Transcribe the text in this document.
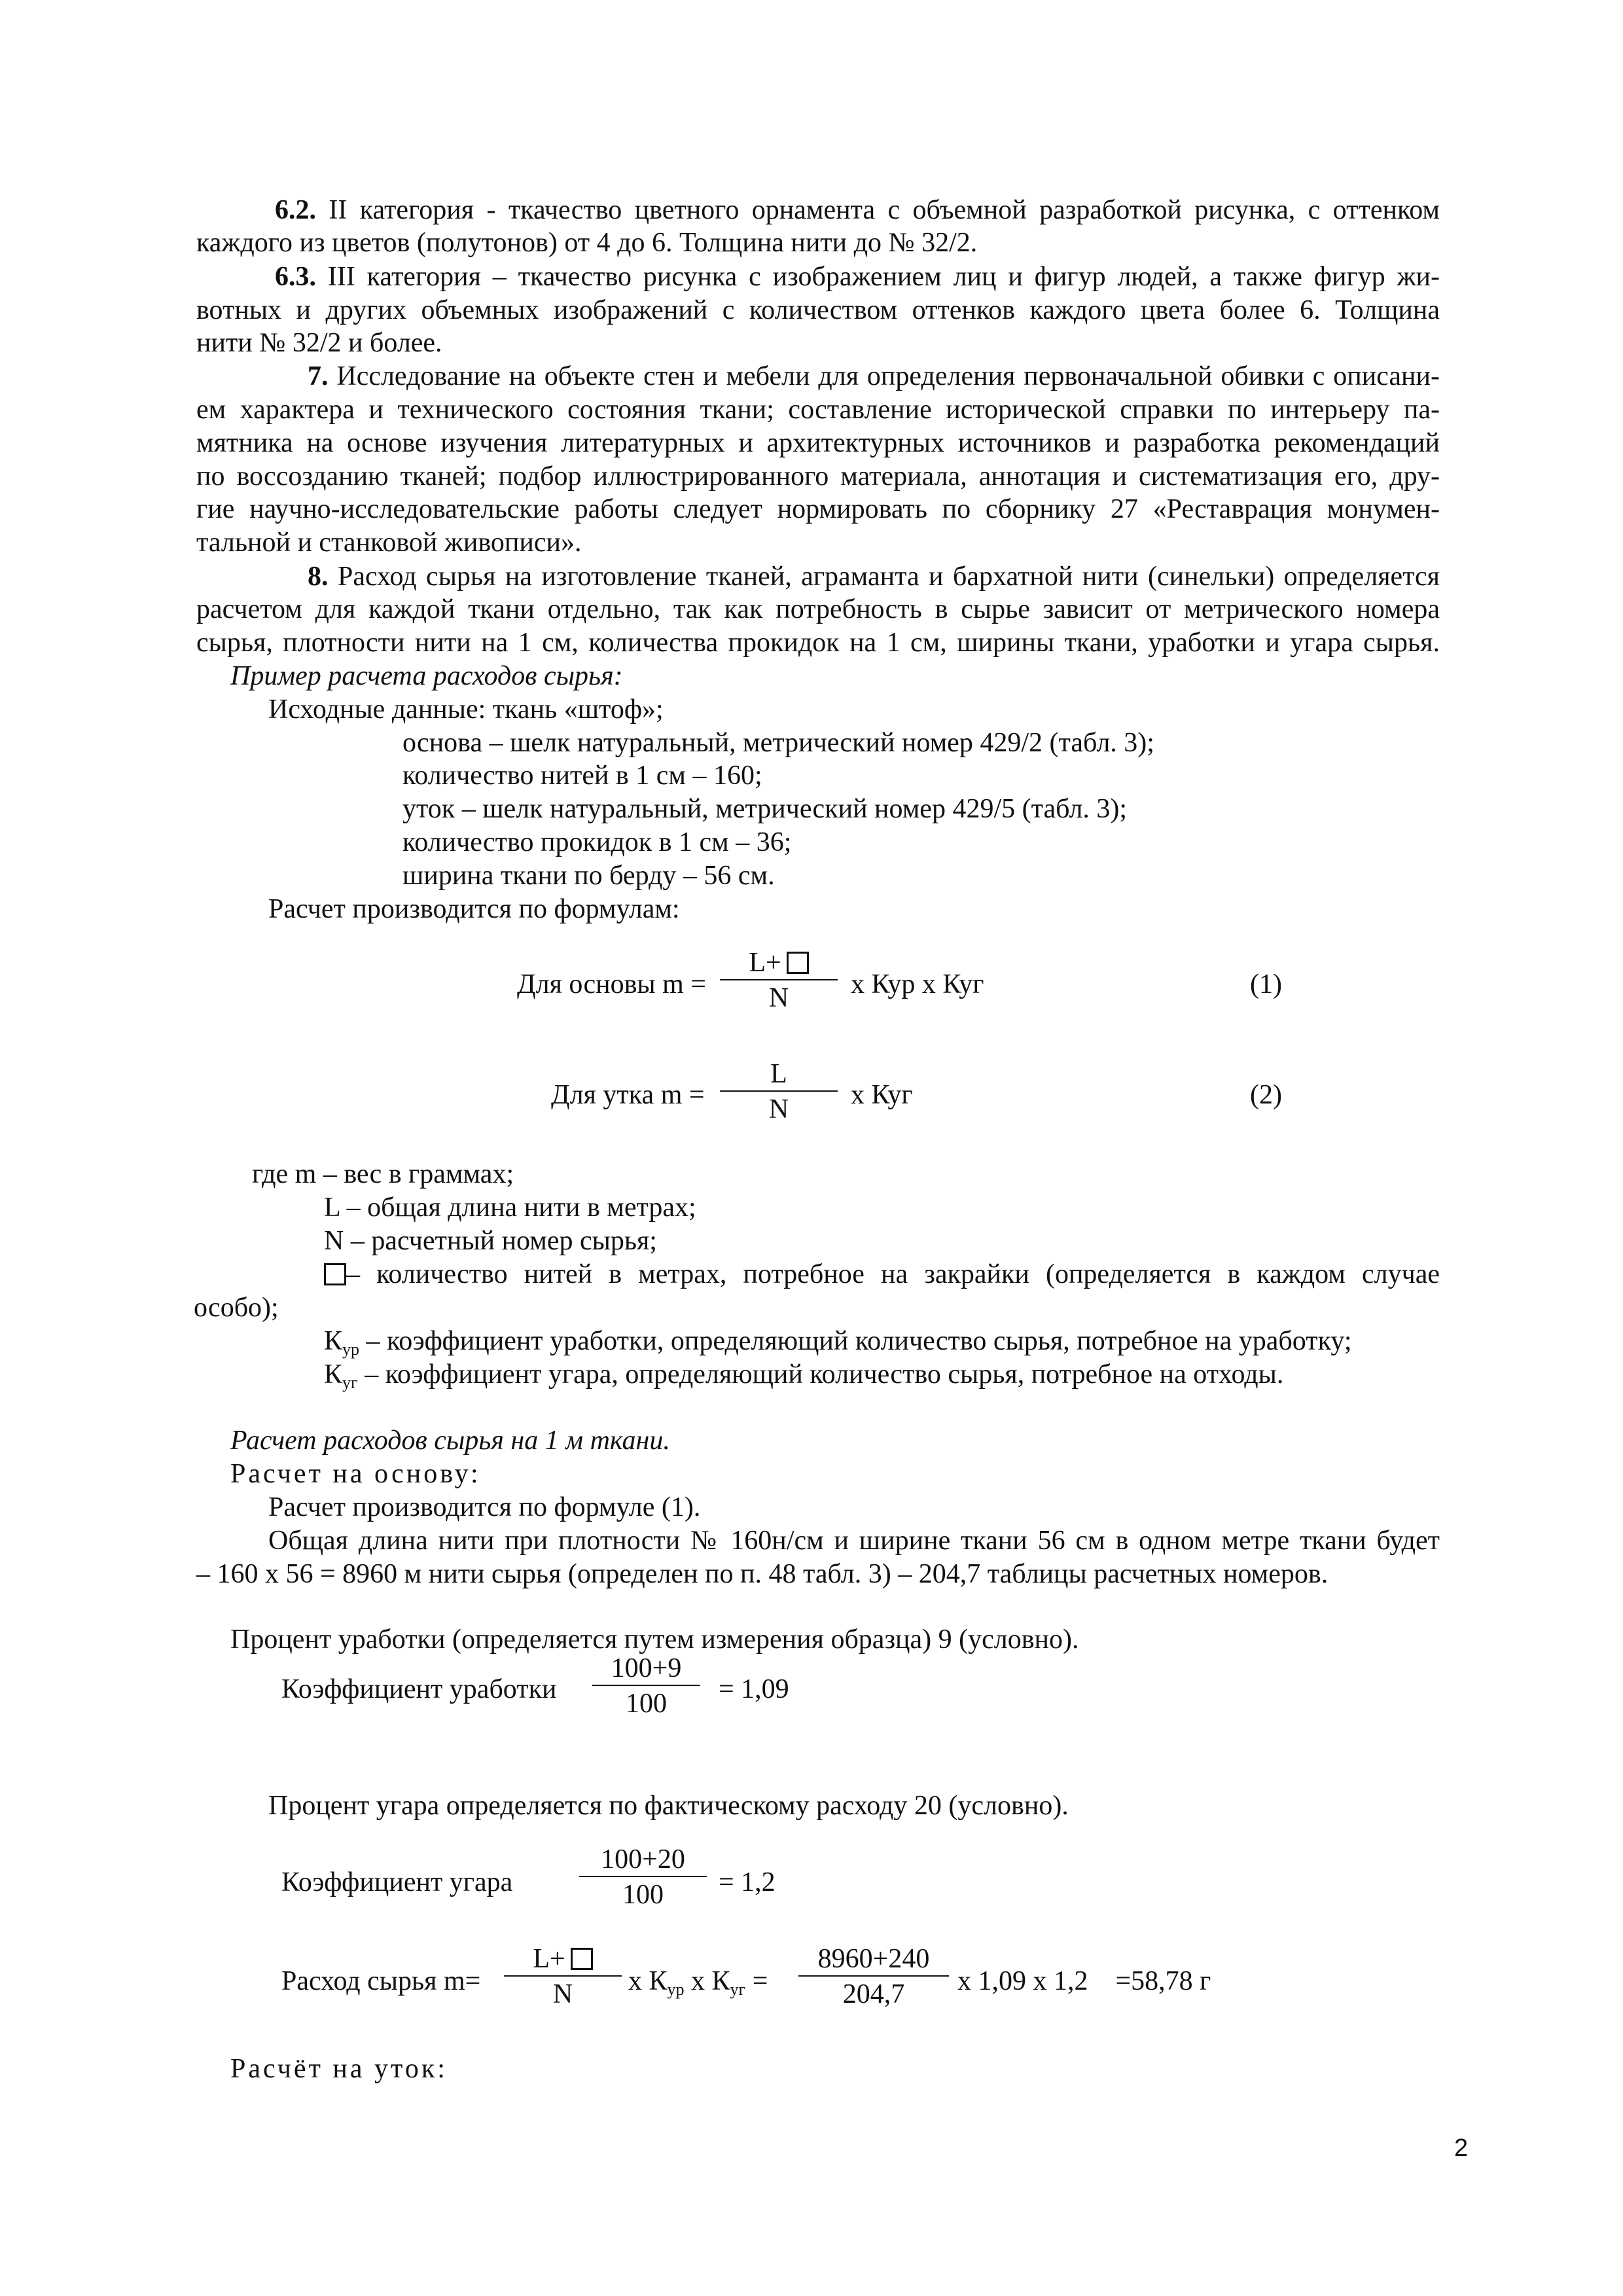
6.2. II категория - ткачество цветного орнамента с объемной разработкой рисунка, с оттенком
каждого из цветов (полутонов) от 4 до 6. Толщина нити до № 32/2.
6.3. III категория – ткачество рисунка с изображением лиц и фигур людей, а также фигур жи-
вотных и других объемных изображений с количеством оттенков каждого цвета более 6. Толщина
нити № 32/2 и более.
7. Исследование на объекте стен и мебели для определения первоначальной обивки с описани-
ем характера и технического состояния ткани; составление исторической справки по интерьеру па-
мятника на основе изучения литературных и архитектурных источников и разработка рекомендаций
по воссозданию тканей; подбор иллюстрированного материала, аннотация и систематизация его, дру-
гие научно-исследовательские работы следует нормировать по сборнику 27 «Реставрация монумен-
тальной и станковой живописи».
8. Расход сырья на изготовление тканей, аграманта и бархатной нити (синельки) определяется
расчетом для каждой ткани отдельно, так как потребность в сырье зависит от метрического номера
сырья, плотности нити на 1 см, количества прокидок на 1 см, ширины ткани, уработки и угара сырья.
Пример расчета расходов сырья:
Исходные данные: ткань «штоф»;
основа – шелк натуральный, метрический номер 429/2 (табл. 3);
количество нитей в 1 см – 160;
уток – шелк натуральный, метрический номер 429/5 (табл. 3);
количество прокидок в 1 см – 36;
ширина ткани по берду – 56 см.
Расчет производится по формулам:
Для основы $m = \frac{L+}{N}$ x Кур x Куг	(1)
Для утка $m = \frac{L}{N}$ x Куг	(2)
где m – вес в граммах;
L – общая длина нити в метрах;
N – расчетный номер сырья;
– количество нитей в метрах, потребное на закрайки (определяется в каждом случае
особо);
$К_{ур}$ – коэффициент уработки, определяющий количество сырья, потребное на уработку;
$К_{уг}$ – коэффициент угара, определяющий количество сырья, потребное на отходы.
Расчет расходов сырья на 1 м ткани.
Расчет на основу:
Расчет производится по формуле (1).
Общая длина нити при плотности № 160н/см и ширине ткани 56 см в одном метре ткани будет
– 160 x 56 = 8960 м нити сырья (определен по п. 48 табл. 3) – 204,7 таблицы расчетных номеров.
Процент уработки (определяется путем измерения образца) 9 (условно).
Коэффициент уработки $\frac{100+9}{100} = 1,09$
Процент угара определяется по фактическому расходу 20 (условно).
Коэффициент угара $\frac{100+20}{100} = 1,2$
Расход сырья $m= \frac{L+}{N}$ x $К_{ур}$ x $К_{уг} = \frac{8960+240}{204,7}$ x 1,09 x 1,2    =58,78 г
Расчёт на уток:
2
